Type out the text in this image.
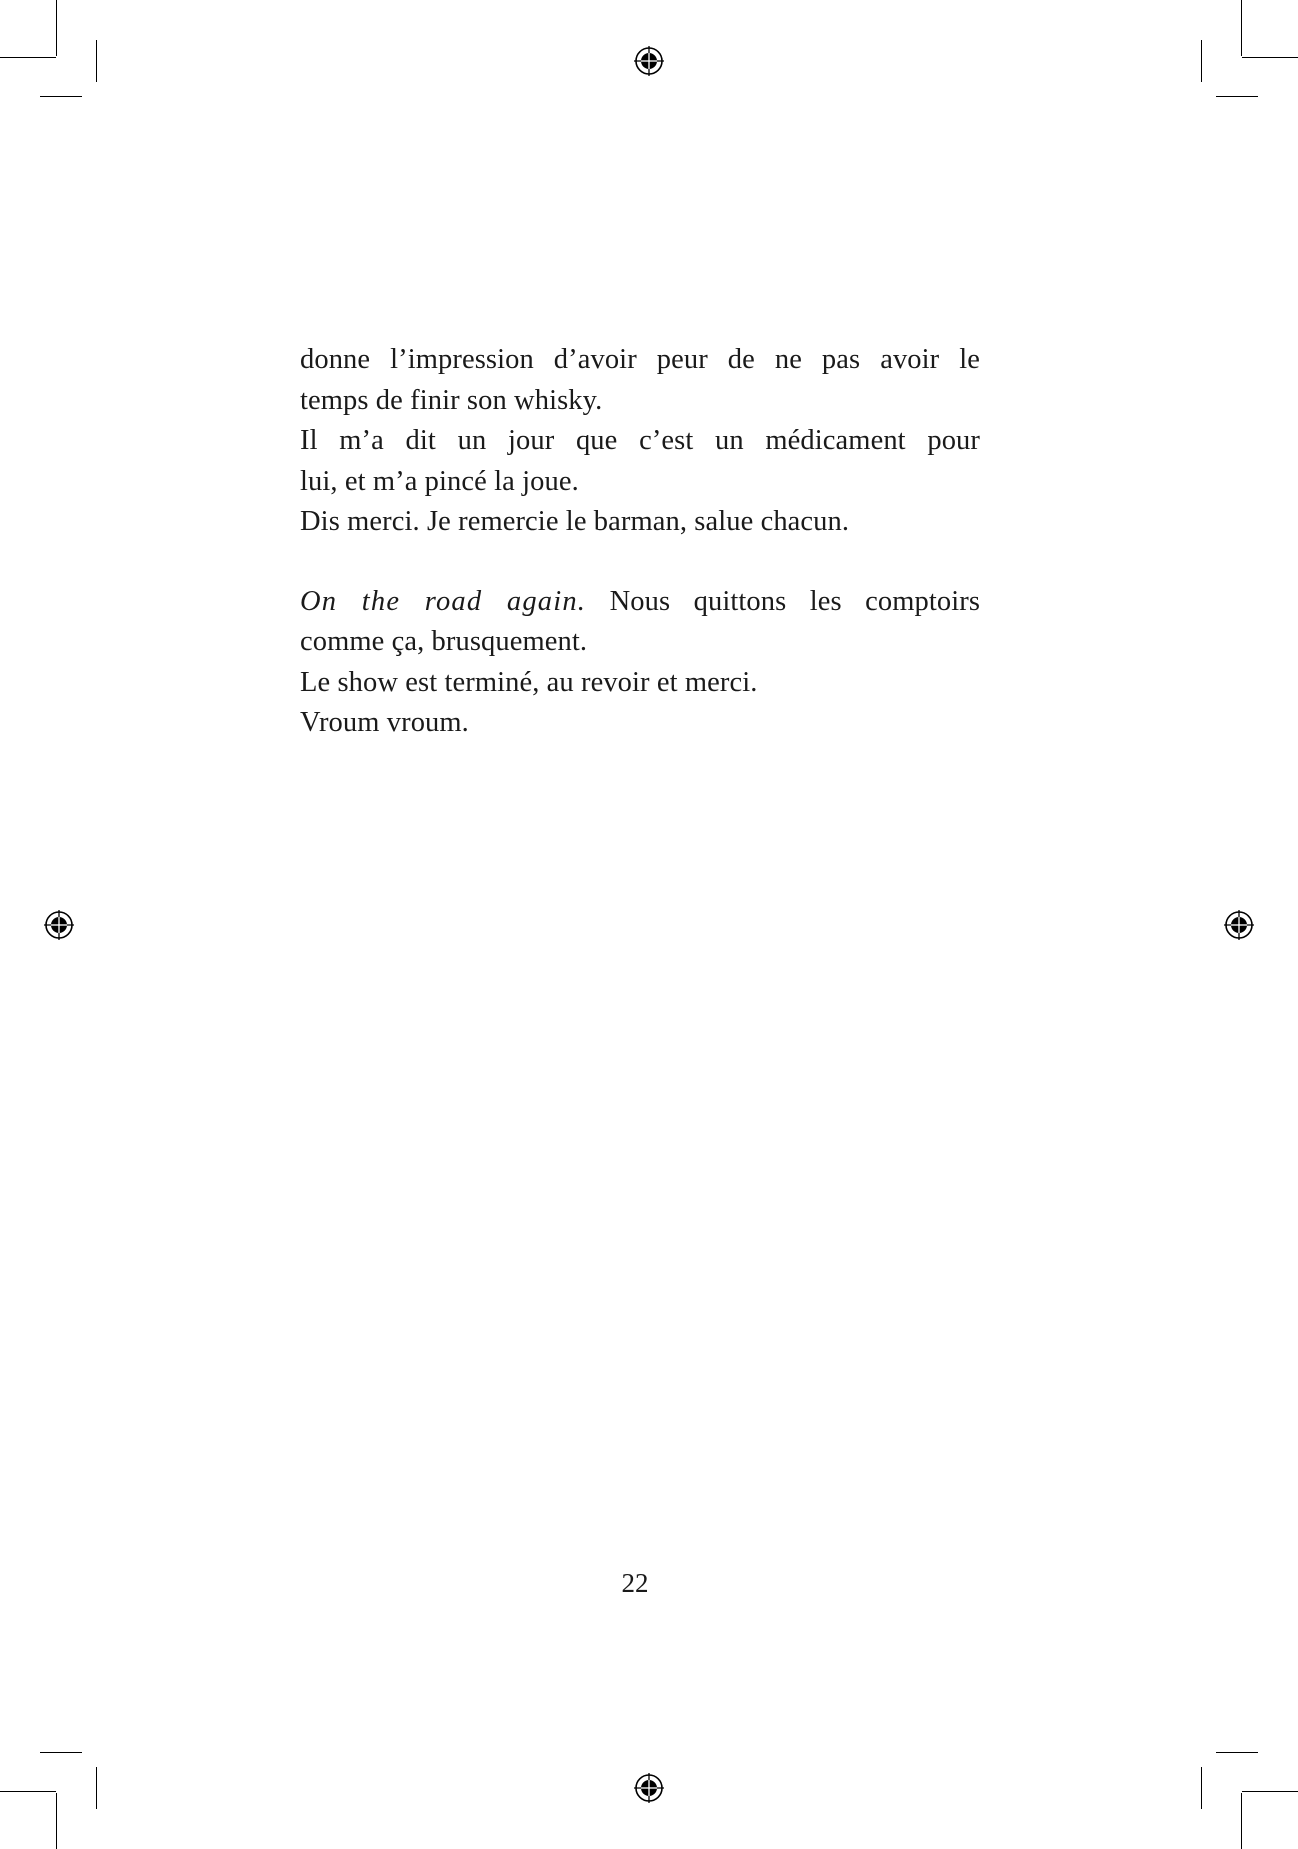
donne l’impression d’avoir peur de ne pas avoir le
temps de finir son whisky.

Il m’a dit un jour que c’est un médicament pour
lui, et m’a pincé la joue.

Dis merci. Je remercie le barman, salue chacun.

On the road again. Nous quittons les comptoirs
comme ça, brusquement.
Le show est terminé, au revoir et merci.
Vroum vroum.

22
